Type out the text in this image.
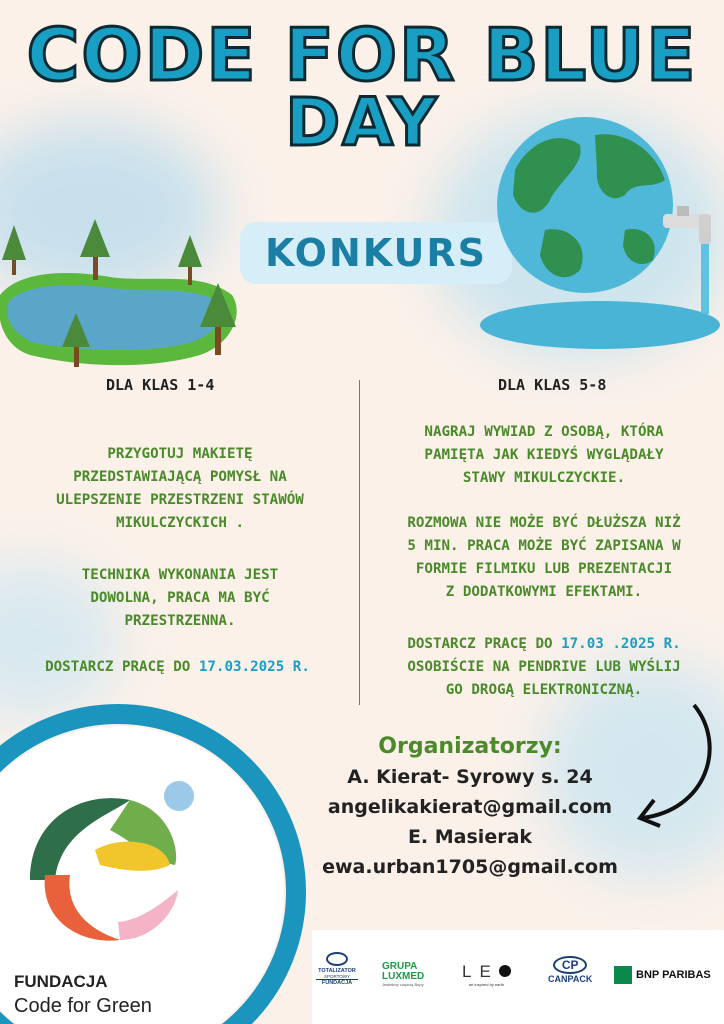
CODE FOR BLUE
DAY
KONKURS
DLA KLAS 1-4	DLA KLAS 5-8
PRZYGOTUJ MAKIETĘ
PRZEDSTAWIAJĄCĄ POMYSŁ NA
ULEPSZENIE PRZESTRZENI STAWÓW
MIKULCZYCKICH .
TECHNIKA WYKONANIA JEST
DOWOLNA, PRACA MA BYĆ
PRZESTRZENNA.
DOSTARCZ PRACĘ DO 17.03.2025 R.
NAGRAJ WYWIAD Z OSOBĄ, KTÓRA
PAMIĘTA JAK KIEDYŚ WYGLĄDAŁY
STAWY MIKULCZYCKIE.
ROZMOWA NIE MOŻE BYĆ DŁUŻSZA NIŻ
5 MIN. PRACA MOŻE BYĆ ZAPISANA W
FORMIE FILMIKU LUB PREZENTACJI
Z DODATKOWYMI EFEKTAMI.
DOSTARCZ PRACĘ DO 17.03 .2025 R.
OSOBIŚCIE NA PENDRIVE LUB WYŚLIJ
GO DROGĄ ELEKTRONICZNĄ.
FUNDACJA
Code for Green
Organizatorzy:
A. Kierat- Syrowy s. 24
angelikakierat@gmail.com
E. Masierak
ewa.urban1705@gmail.com
TOTALIZATOR
SPORTOWY
FUNDACJA
GRUPA
LUXMED
Jesteśmy częścią Bupy
LE
art inspired by earth
CP
CANPACK	BNP PARIBAS
